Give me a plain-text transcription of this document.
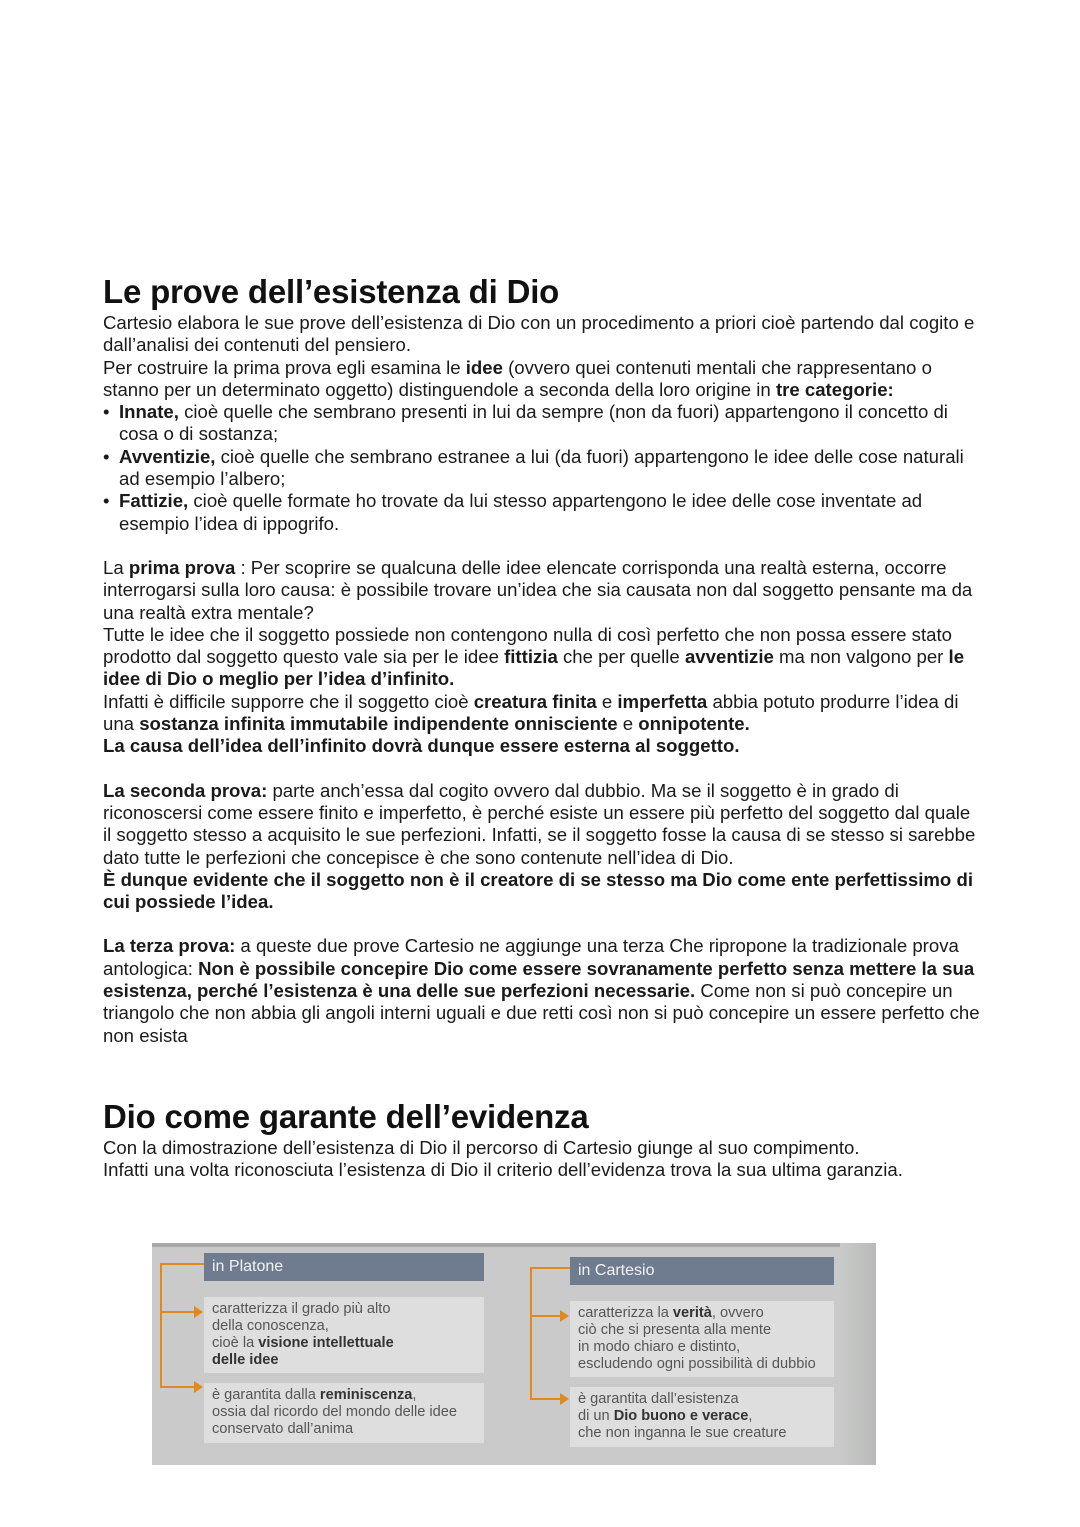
Le prove dell’esistenza di Dio

Cartesio elabora le sue prove dell’esistenza di Dio con un procedimento a priori cioè partendo dal cogito e dall’analisi dei contenuti del pensiero.

Per costruire la prima prova egli esamina le idee (ovvero quei contenuti mentali che rappresentano o stanno per un determinato oggetto) distinguendole a seconda della loro origine in tre categorie:

• Innate, cioè quelle che sembrano presenti in lui da sempre (non da fuori) appartengono il concetto di cosa o di sostanza;
• Avventizie, cioè quelle che sembrano estranee a lui (da fuori) appartengono le idee delle cose naturali ad esempio l’albero;
• Fattizie, cioè quelle formate ho trovate da lui stesso appartengono le idee delle cose inventate ad esempio l’idea di ippogrifo.

La prima prova : Per scoprire se qualcuna delle idee elencate corrisponda una realtà esterna, occorre interrogarsi sulla loro causa: è possibile trovare un’idea che sia causata non dal soggetto pensante ma da una realtà extra mentale?

Tutte le idee che il soggetto possiede non contengono nulla di così perfetto che non possa essere stato prodotto dal soggetto questo vale sia per le idee fittizia che per quelle avventizie ma non valgono per le idee di Dio o meglio per l’idea d’infinito.

Infatti è difficile supporre che il soggetto cioè creatura finita e imperfetta abbia potuto produrre l’idea di una sostanza infinita immutabile indipendente onnisciente e onnipotente.

La causa dell’idea dell’infinito dovrà dunque essere esterna al soggetto.

La seconda prova: parte anch’essa dal cogito ovvero dal dubbio. Ma se il soggetto è in grado di riconoscersi come essere finito e imperfetto, è perché esiste un essere più perfetto del soggetto dal quale il soggetto stesso a acquisito le sue perfezioni. Infatti, se il soggetto fosse la causa di se stesso si sarebbe dato tutte le perfezioni che concepisce è che sono contenute nell’idea di Dio.

È dunque evidente che il soggetto non è il creatore di se stesso ma Dio come ente perfettissimo di cui possiede l’idea.

La terza prova: a queste due prove Cartesio ne aggiunge una terza Che ripropone la tradizionale prova antologica: Non è possibile concepire Dio come essere sovranamente perfetto senza mettere la sua esistenza, perché l’esistenza è una delle sue perfezioni necessarie. Come non si può concepire un triangolo che non abbia gli angoli interni uguali e due retti così non si può concepire un essere perfetto che non esista

Dio come garante dell’evidenza

Con la dimostrazione dell’esistenza di Dio il percorso di Cartesio giunge al suo compimento.

Infatti una volta riconosciuta l’esistenza di Dio il criterio dell’evidenza trova la sua ultima garanzia.

in Platone
caratterizza il grado più alto
della conoscenza,
cioè la visione intellettuale
delle idee
è garantita dalla reminiscenza,
ossia dal ricordo del mondo delle idee
conservato dall’anima
in Cartesio
caratterizza la verità, ovvero
ciò che si presenta alla mente
in modo chiaro e distinto,
escludendo ogni possibilità di dubbio
è garantita dall’esistenza
di un Dio buono e verace,
che non inganna le sue creature
